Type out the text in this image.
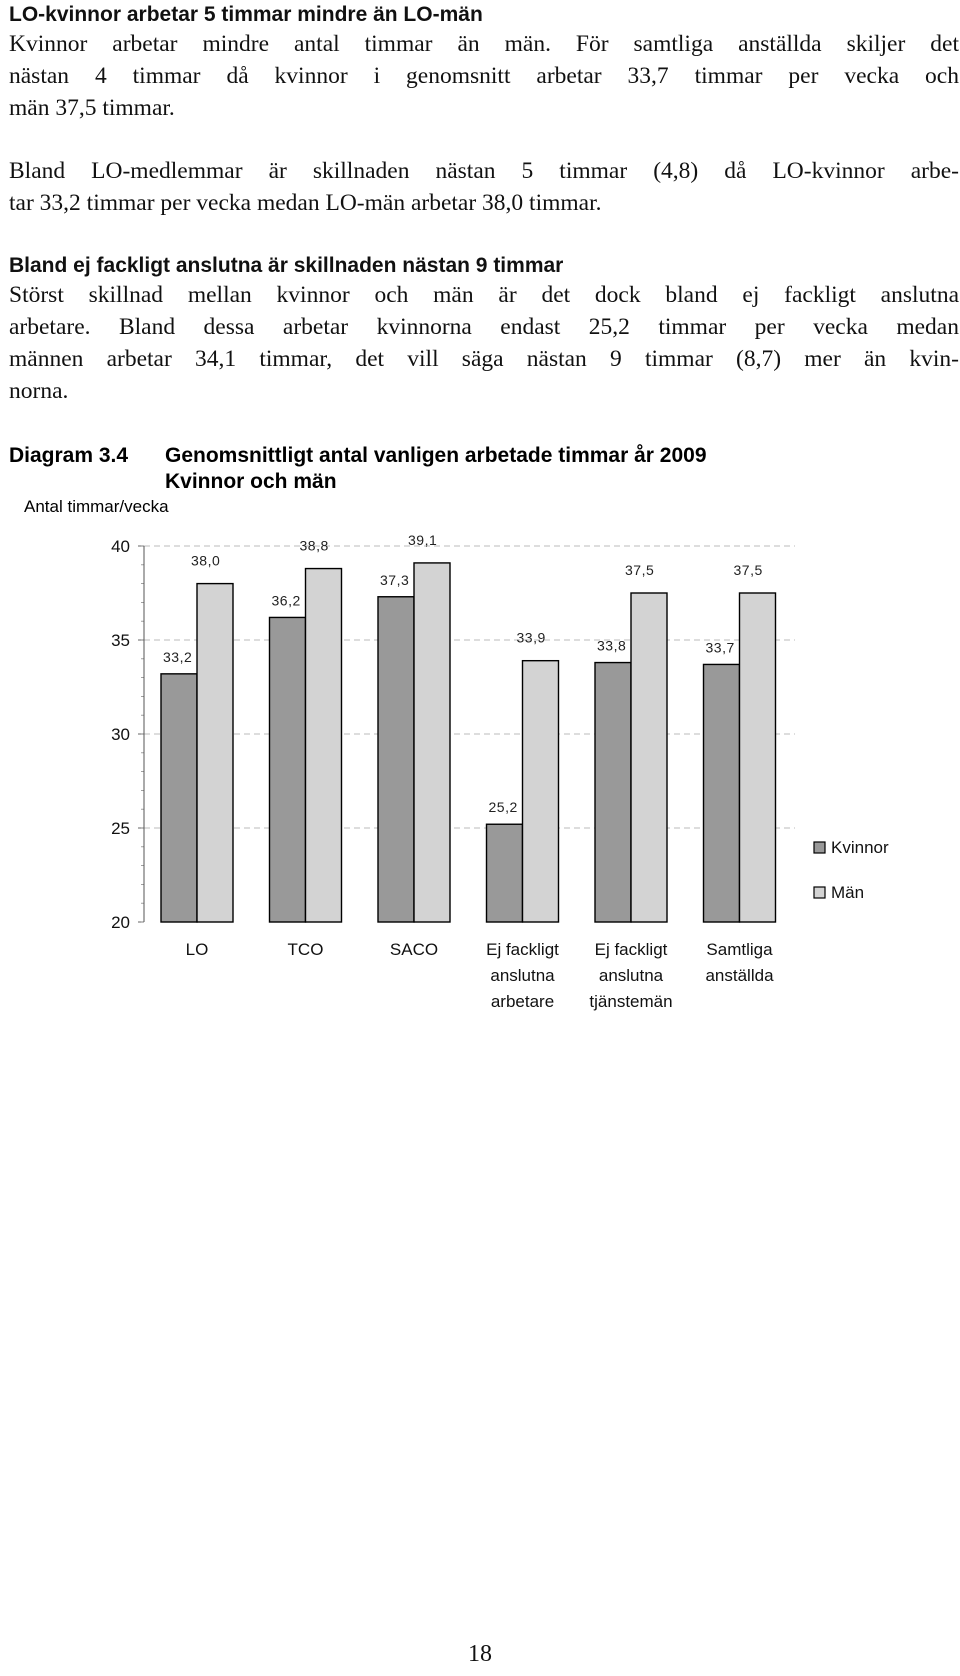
LO-kvinnor arbetar 5 timmar mindre än LO-män

Kvinnor arbetar mindre antal timmar än män. För samtliga anställda skiljer det
nästan 4 timmar då kvinnor i genomsnitt arbetar 33,7 timmar per vecka och
män 37,5 timmar.

Bland LO-medlemmar är skillnaden nästan 5 timmar (4,8) då LO-kvinnor arbe-
tar 33,2 timmar per vecka medan LO-män arbetar 38,0 timmar.

Bland ej fackligt anslutna är skillnaden nästan 9 timmar

Störst skillnad mellan kvinnor och män är det dock bland ej fackligt anslutna
arbetare. Bland dessa arbetar kvinnorna endast 25,2 timmar per vecka medan
männen arbetar 34,1 timmar, det vill säga nästan 9 timmar (8,7) mer än kvin-
norna.

Diagram 3.4 Genomsnittligt antal vanligen arbetade timmar år 2009
Kvinnor och män
Antal timmar/vecka
40
35
30
25
20
33,2
38,0
36,2
38,8
37,3
39,1
25,2
33,9	33,8
37,5
33,7
37,5
LO	TCO	SACO	Ej fackligt
anslutna
arbetare
Ej fackligt
anslutna
tjänstemän
Samtliga
anställda
Kvinnor
Män

18
